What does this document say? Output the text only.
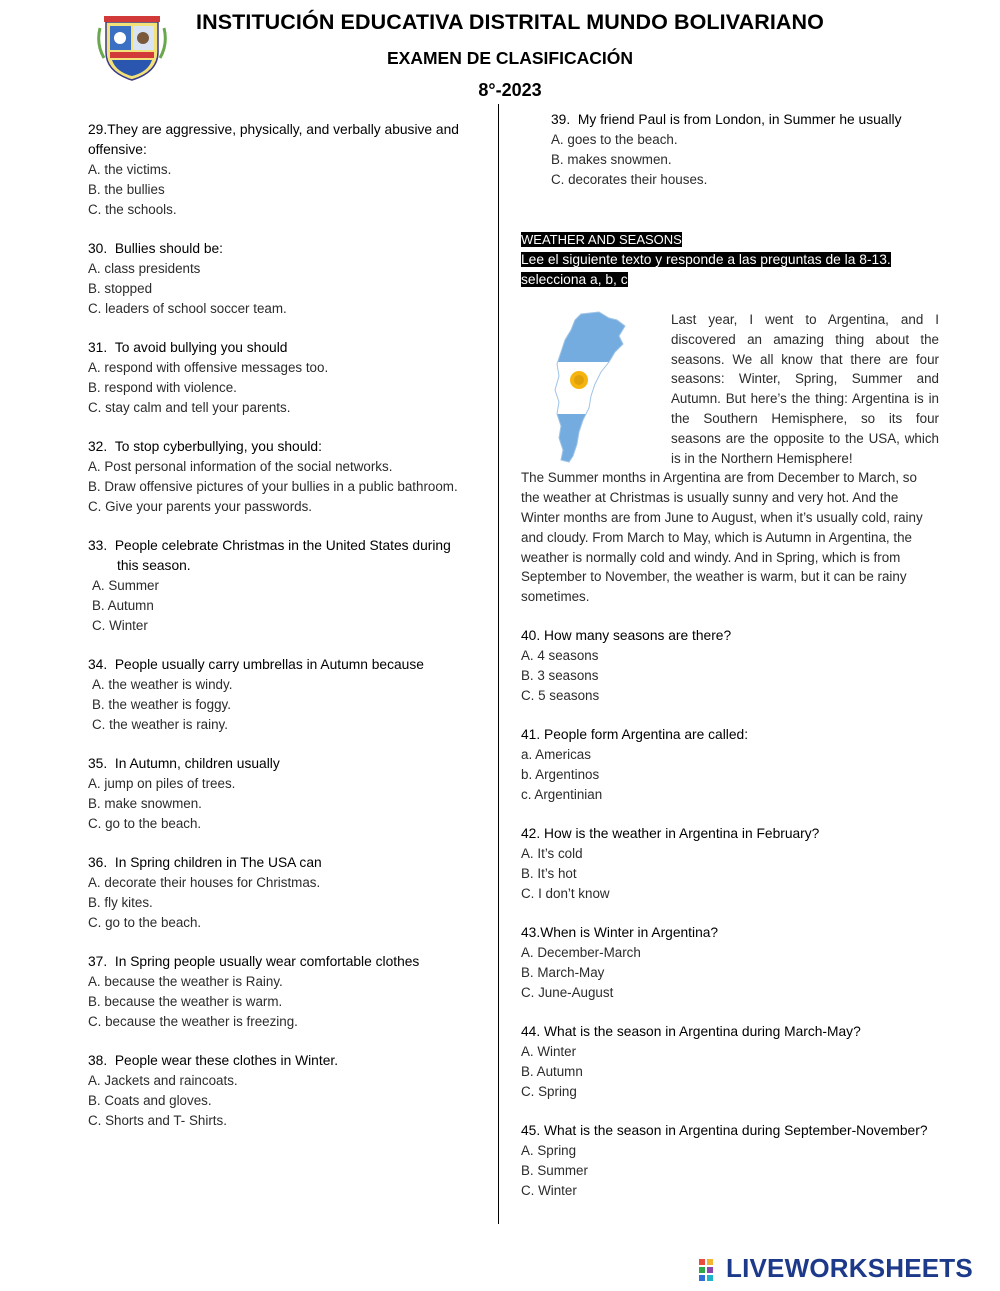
INSTITUCIÓN EDUCATIVA DISTRITAL MUNDO BOLIVARIANO
EXAMEN DE CLASIFICACIÓN
8°-2023
29.They are aggressive, physically, and verbally abusive and offensive:
A. the victims.
B. the bullies
C. the schools.
30. Bullies should be:
A. class presidents
B. stopped
C. leaders of school soccer team.
31. To avoid bullying you should
A. respond with offensive messages too.
B. respond with violence.
C. stay calm and tell your parents.
32. To stop cyberbullying, you should:
A. Post personal information of the social networks.
B. Draw offensive pictures of your bullies in a public bathroom.
C. Give your parents your passwords.
33. People celebrate Christmas in the United States during this season.
A. Summer
B. Autumn
C. Winter
34. People usually carry umbrellas in Autumn because
A. the weather is windy.
B. the weather is foggy.
C. the weather is rainy.
35. In Autumn, children usually
A. jump on piles of trees.
B. make snowmen.
C. go to the beach.
36. In Spring children in The USA can
A. decorate their houses for Christmas.
B. fly kites.
C. go to the beach.
37. In Spring people usually wear comfortable clothes
A. because the weather is Rainy.
B. because the weather is warm.
C. because the weather is freezing.
38. People wear these clothes in Winter.
A. Jackets and raincoats.
B. Coats and gloves.
C. Shorts and T- Shirts.
39. My friend Paul is from London, in Summer he usually
A. goes to the beach.
B. makes snowmen.
C. decorates their houses.
WEATHER AND SEASONS
Lee el siguiente texto y responde a las preguntas de la 8-13.
selecciona a, b, c

Last year, I went to Argentina, and I discovered an amazing thing about the seasons. We all know that there are four seasons: Winter, Spring, Summer and Autumn. But here’s the thing: Argentina is in the Southern Hemisphere, so its four seasons are the opposite to the USA, which is in the Northern Hemisphere!

The Summer months in Argentina are from December to March, so the weather at Christmas is usually sunny and very hot. And the Winter months are from June to August, when it’s usually cold, rainy and cloudy. From March to May, which is Autumn in Argentina, the weather is normally cold and windy. And in Spring, which is from September to November, the weather is warm, but it can be rainy sometimes.

40. How many seasons are there?
A. 4 seasons
B. 3 seasons
C. 5 seasons
41. People form Argentina are called:
a. Americas
b. Argentinos
c. Argentinian
42. How is the weather in Argentina in February?
A. It’s cold
B. It’s hot
C. I don’t know
43.When is Winter in Argentina?
A. December-March
B. March-May
C. June-August
44. What is the season in Argentina during March-May?
A. Winter
B. Autumn
C. Spring
45. What is the season in Argentina during September-November?
A. Spring
B. Summer
C. Winter
LIVEWORKSHEETS
